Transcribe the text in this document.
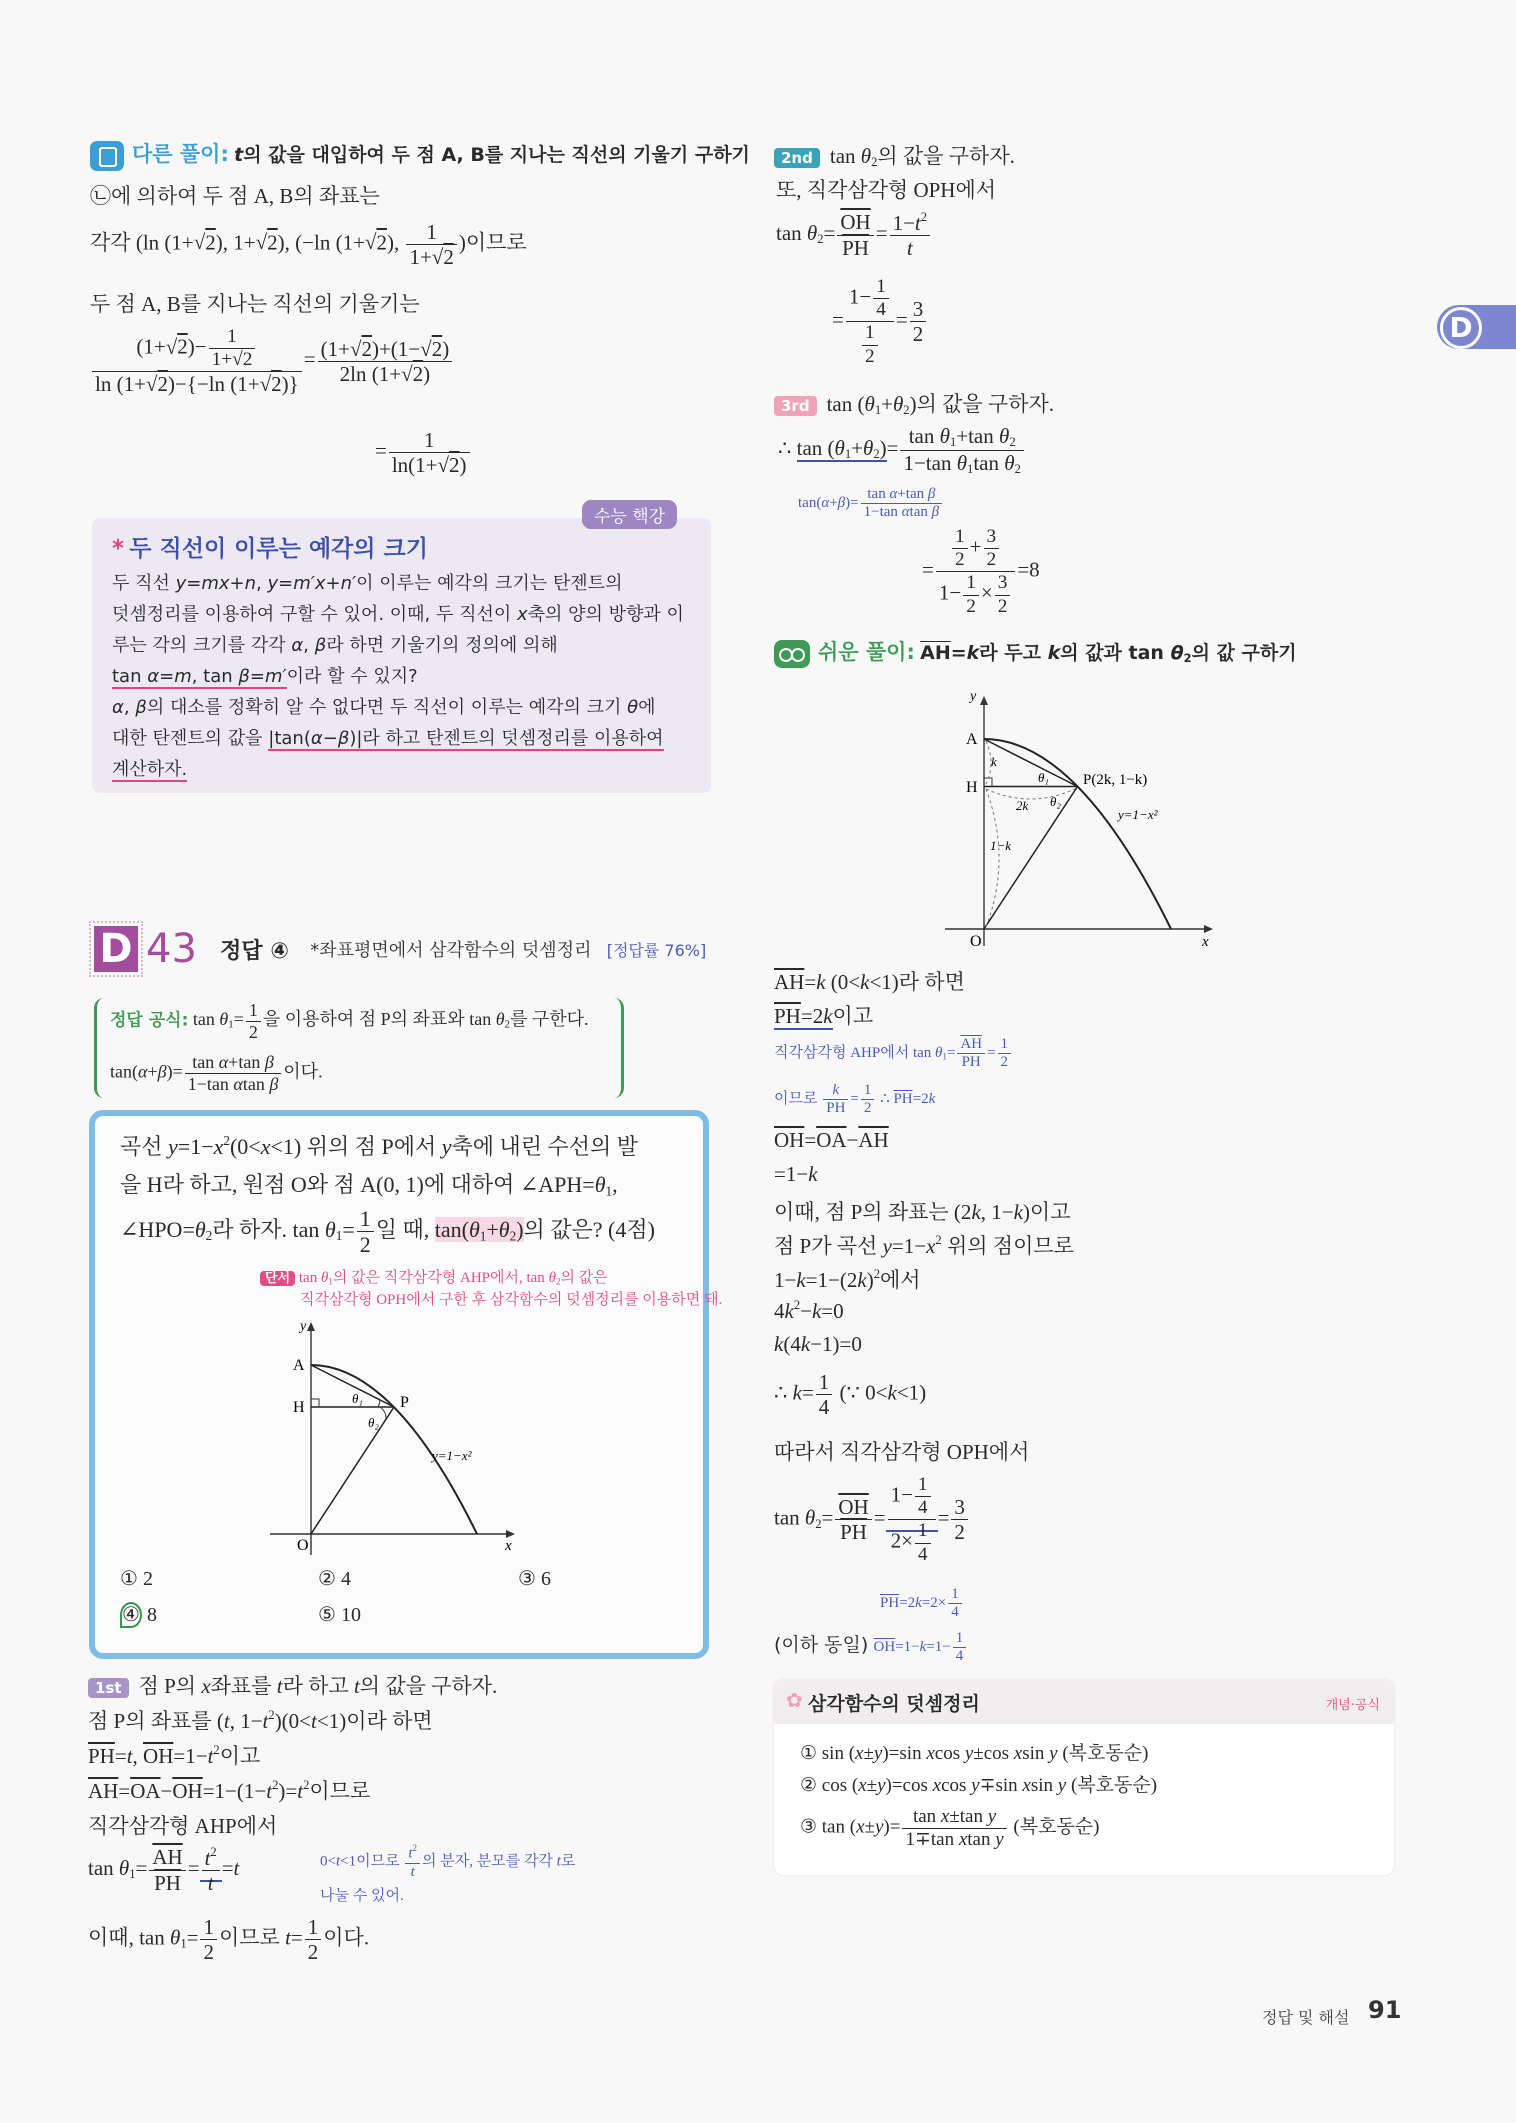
D
다른 풀이: t의 값을 대입하여 두 점 A, B를 지나는 직선의 기울기 구하기
㉡에 의하여 두 점 A, B의 좌표는
각각 (ln (1+ √ 2), 1+ √ 2), (−ln (1+ √ 2), $\frac{1}{1+ √ 2}$ )이므로
두 점 A, B를 지나는 직선의 기울기는
$\frac{(1+ √ 2)- \frac{1}{1+ √ 2}}{\ln (1+ √ 2)-\{-\ln (1+ √ 2)\}} = \frac{(1+ √ 2)+(1- √ 2)}{2\ln (1+ √ 2)}$
= $\frac{1}{\ln(1+ √ 2)}$
수능 핵강
* 두 직선이 이루는 예각의 크기
두 직선 y=mx+n, y=m′x+n′이 이루는 예각의 크기는 탄젠트의
덧셈정리를 이용하여 구할 수 있어. 이때, 두 직선이 x축의 양의 방향과 이
루는 각의 크기를 각각 α, β라 하면 기울기의 정의에 의해
tan α=m, tan β=m′이라 할 수 있지?
α, β의 대소를 정확히 알 수 없다면 두 직선이 이루는 예각의 크기 θ에
대한 탄젠트의 값을 |tan(α−β)|라 하고 탄젠트의 덧셈정리를 이용하여
계산하자.
D 43 정답 ④ *좌표평면에서 삼각함수의 덧셈정리 [정답률 76%]
정답 공식: $\tan \theta_1= \frac{1}{2}$ 을 이용하여 점 P의 좌표와 $\tan \theta_2$를 구한다.
$\tan(\alpha+\beta)= \frac{\text{tan α+tan β}}{\text{1−tan αtan β}}$ 이다.
곡선 $y=1-x^2(0<x<1)$ 위의 점 P에서 y축에 내린 수선의 발
을 H라 하고, 원점 O와 점 A(0, 1)에 대하여 $\angle APH=\theta_1$,
$\angle HPO=\theta_2$라 하자. $\tan \theta_1= \frac{1}{2}$ 일 때, $\tan(\theta_1+\theta_2)$의 값은? (4점)
단서 $\tan \theta_1$의 값은 직각삼각형 AHP에서, $\tan \theta_2$의 값은
직각삼각형 OPH에서 구한 후 삼각함수의 덧셈정리를 이용하면 돼.
y
A
H	P
O	x
θ₁
θ₂
y=1−x²
① 2	② 4	③ 6
④ 8	⑤ 10
1st 점 P의 x좌표를 t라 하고 t의 값을 구하자.
점 P의 좌표를 (t, $1-t^2)(0<t<1)$이라 하면
$\overline{PH}=t$, $\overline{OH}=1-t^2$이고
$\overline{AH}=\overline{OA}-\overline{OH}=1-(1-t^2)=t^2$이므로
직각삼각형 AHP에서
$\tan \theta_1= \frac{\overline{AH}}{PH} = \frac{t^2}{t} =t$	0<t<1이므로 $\frac{t^2}{t}$ 의 분자, 분모를 각각 t로
나눌 수 있어.
이때, $\tan \theta_1= \frac{1}{2}$ 이므로 $t= \frac{1}{2}$ 이다.
2nd $\tan \theta_2$의 값을 구하자.
또, 직각삼각형 OPH에서
$\tan \theta_2= \frac{\overline{OH}}{PH} = \frac{1-t^2}{t}$
= $\frac{1- \frac{1}{4}}{\frac{1}{2}} = \frac{3}{2}$
3rd $\tan (\theta_1+\theta_2)$의 값을 구하자.
∴ $\tan (\theta_1+\theta_2)= \frac{\tan \theta_1+\tan \theta_2}{1-\tan \theta_1\tan \theta_2}$
$\tan(\alpha+\beta)= \frac{\text{tan α+tan β}}{\text{1−tan αtan β}}$
= $\frac{\frac{1}{2} + \frac{3}{2}}{1- \frac{1}{2} \times \frac{3}{2}} =8$
쉬운 풀이: $\overline{AH}=k$라 두고 k의 값과 $\tan \theta_2$의 값 구하기
y
A
k
H	P(2k, 1−k)
θ₁
2k θ₂
1−k
y=1−x²
O	x
$\overline{AH}=k$ (0<k<1)라 하면
$\overline{PH}=2k$이고
직각삼각형 AHP에서 $\tan \theta_1= \frac{\overline{AH}}{PH} = \frac{1}{2}$
이므로 $\frac{k}{PH} = \frac{1}{2}$ ∴ $\overline{PH}=2k$
$\overline{OH}=\overline{OA}-\overline{AH}$
=1−k
이때, 점 P의 좌표는 (2k, 1−k)이고
점 P가 곡선 $y=1-x^2$ 위의 점이므로
$1-k=1-(2k)^2$에서
$4k^2-k=0$
k(4k−1)=0
∴ $k= \frac{1}{4}$ (∵ 0<k<1)
따라서 직각삼각형 OPH에서
$\tan \theta_2= \frac{\overline{OH}}{PH} = \frac{1- \frac{1}{4}}{2\times \frac{1}{4}} = \frac{3}{2}$
$\overline{PH}=2k=2\times \frac{1}{4}$
(이하 동일) $\overline{OH}=1-k=1- \frac{1}{4}$
✿ 삼각함수의 덧셈정리	개념·공식
① sin (x±y)=sin xcos y±cos xsin y (복호동순)
② cos (x±y)=cos xcos y∓sin xsin y (복호동순)
③ $\tan (x\pm y)= \frac{\text{tan x±tan y}}{\text{1∓tan xtan y}}$ (복호동순)
정답 및 해설 91
